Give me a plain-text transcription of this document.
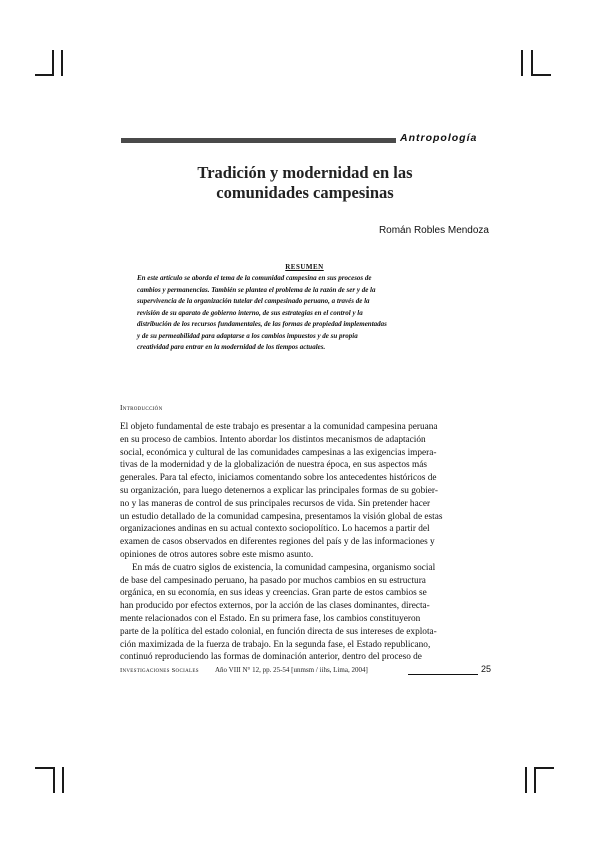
Antropología
Tradición y modernidad en las
comunidades campesinas
Román Robles Mendoza
RESUMEN
En este artículo se aborda el tema de la comunidad campesina en sus procesos de
cambios y permanencias. También se plantea el problema de la razón de ser y de la
supervivencia de la organización tutelar del campesinado peruano, a través de la
revisión de su aparato de gobierno interno, de sus estrategias en el control y la
distribución de los recursos fundamentales, de las formas de propiedad implementadas
y de su permeabilidad para adaptarse a los cambios impuestos y de su propia
creatividad para entrar en la modernidad de los tiempos actuales.
Introducción
El objeto fundamental de este trabajo es presentar a la comunidad campesina peruana
en su proceso de cambios. Intento abordar los distintos mecanismos de adaptación
social, económica y cultural de las comunidades campesinas a las exigencias impera-
tivas de la modernidad y de la globalización de nuestra época, en sus aspectos más
generales. Para tal efecto, iniciamos comentando sobre los antecedentes históricos de
su organización, para luego detenernos a explicar las principales formas de su gobier-
no y las maneras de control de sus principales recursos de vida. Sin pretender hacer
un estudio detallado de la comunidad campesina, presentamos la visión global de estas
organizaciones andinas en su actual contexto sociopolítico. Lo hacemos a partir del
examen de casos observados en diferentes regiones del país y de las informaciones y
opiniones de otros autores sobre este mismo asunto.
En más de cuatro siglos de existencia, la comunidad campesina, organismo social
de base del campesinado peruano, ha pasado por muchos cambios en su estructura
orgánica, en su economía, en sus ideas y creencias. Gran parte de estos cambios se
han producido por efectos externos, por la acción de las clases dominantes, directa-
mente relacionados con el Estado. En su primera fase, los cambios constituyeron
parte de la política del estado colonial, en función directa de sus intereses de explota-
ción maximizada de la fuerza de trabajo. En la segunda fase, el Estado republicano,
continuó reproduciendo las formas de dominación anterior, dentro del proceso de
Investigaciones Sociales Año VIII N° 12, pp. 25-54 [unmsm / iihs, Lima, 2004]	25
